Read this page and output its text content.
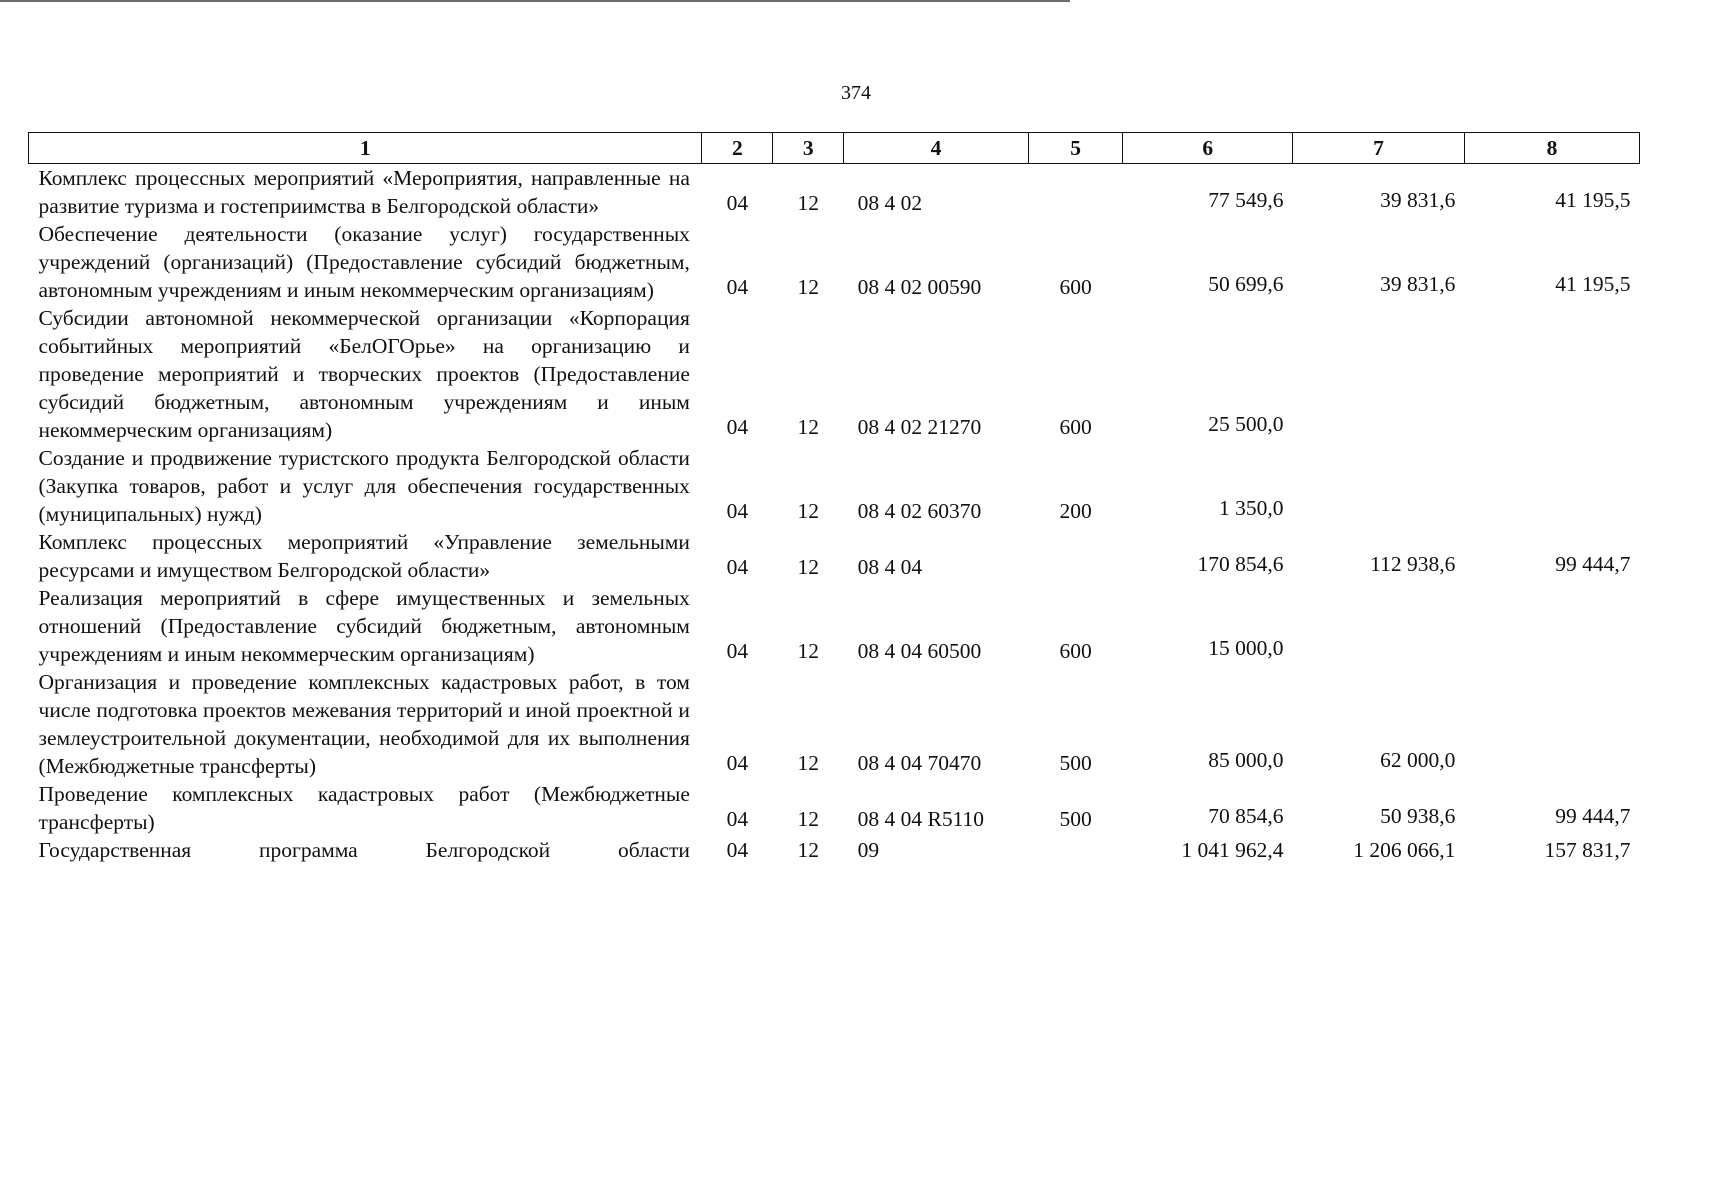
374
1	2	3	4	5	6	7	8
Комплекс процессных мероприятий «Мероприятия, направленные на развитие туризма и гостеприимства в Белгородской области»	04	12	08 4 02		77 549,6	39 831,6	41 195,5
Обеспечение деятельности (оказание услуг) государственных учреждений (организаций) (Предоставление субсидий бюджетным, автономным учреждениям и иным некоммерческим организациям)	04	12	08 4 02 00590	600	50 699,6	39 831,6	41 195,5
Субсидии автономной некоммерческой организации «Корпорация событийных мероприятий «БелОГОрье» на организацию и проведение мероприятий и творческих проектов (Предоставление субсидий бюджетным, автономным учреждениям и иным некоммерческим организациям)	04	12	08 4 02 21270	600	25 500,0		
Создание и продвижение туристского продукта Белгородской области (Закупка товаров, работ и услуг для обеспечения государственных (муниципальных) нужд)	04	12	08 4 02 60370	200	1 350,0		
Комплекс процессных мероприятий «Управление земельными ресурсами и имуществом Белгородской области»	04	12	08 4 04		170 854,6	112 938,6	99 444,7
Реализация мероприятий в сфере имущественных и земельных отношений (Предоставление субсидий бюджетным, автономным учреждениям и иным некоммерческим организациям)	04	12	08 4 04 60500	600	15 000,0		
Организация и проведение комплексных кадастровых работ, в том числе подготовка проектов межевания территорий и иной проектной и землеустроительной документации, необходимой для их выполнения (Межбюджетные трансферты)	04	12	08 4 04 70470	500	85 000,0	62 000,0	
Проведение комплексных кадастровых работ (Межбюджетные трансферты)	04	12	08 4 04 R5110	500	70 854,6	50 938,6	99 444,7
Государственная программа Белгородской области	04	12	09		1 041 962,4	1 206 066,1	157 831,7
